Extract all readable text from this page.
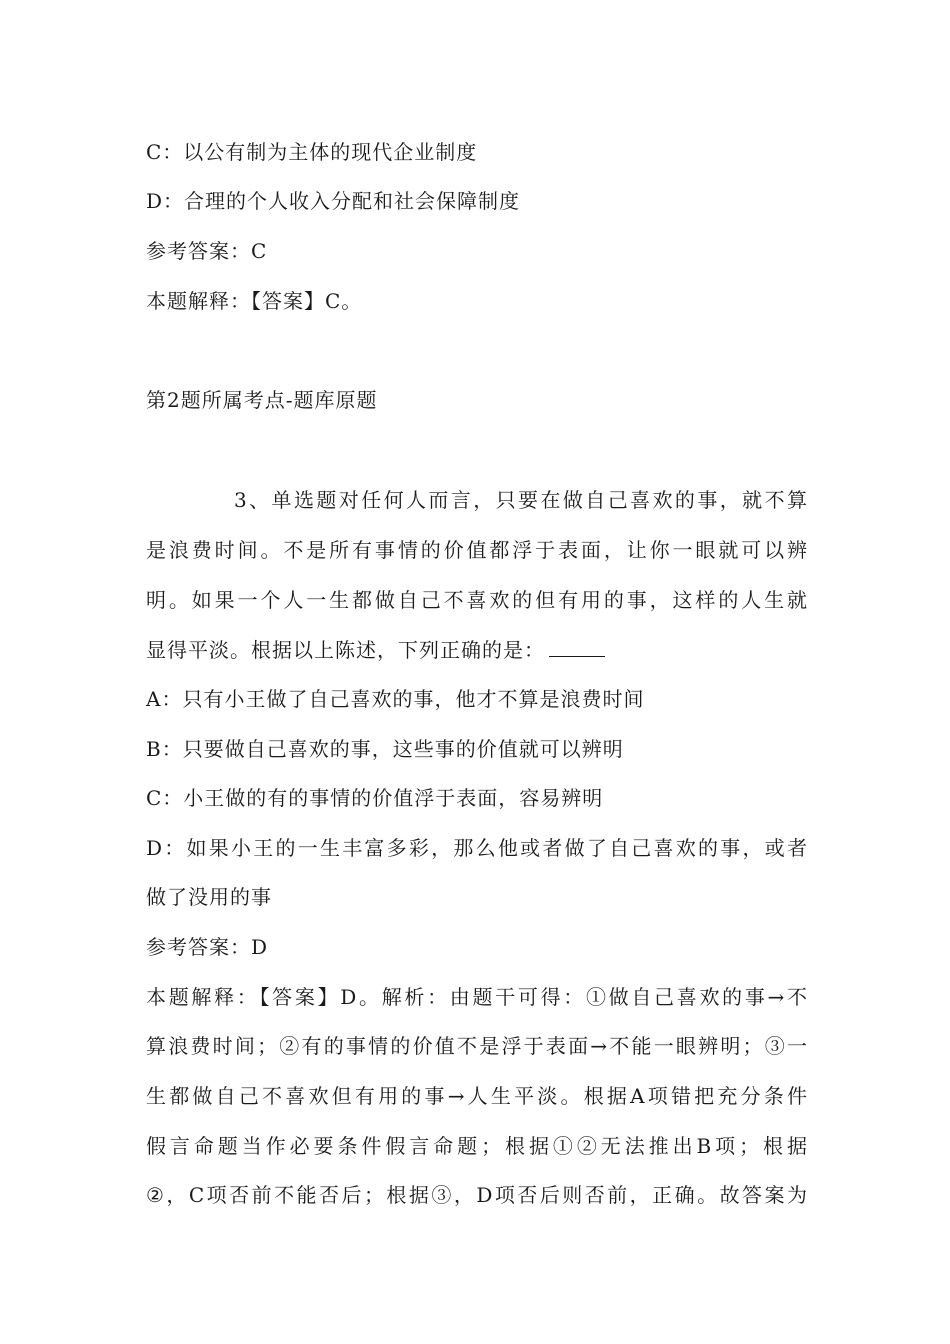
C：以公有制为主体的现代企业制度
D：合理的个人收入分配和社会保障制度
参考答案：C
本题解释：【答案】C。
第2题所属考点-题库原题
3、单选题对任何人而言，只要在做自己喜欢的事，就不算
是浪费时间。不是所有事情的价值都浮于表面，让你一眼就可以辨
明。如果一个人一生都做自己不喜欢的但有用的事，这样的人生就
显得平淡。根据以上陈述，下列正确的是：
A：只有小王做了自己喜欢的事，他才不算是浪费时间
B：只要做自己喜欢的事，这些事的价值就可以辨明
C：小王做的有的事情的价值浮于表面，容易辨明
D：如果小王的一生丰富多彩，那么他或者做了自己喜欢的事，或者
做了没用的事
参考答案：D
本题解释：【答案】D。解析：由题干可得：①做自己喜欢的事→不
算浪费时间；②有的事情的价值不是浮于表面→不能一眼辨明；③一
生都做自己不喜欢但有用的事→人生平淡。根据A项错把充分条件
假言命题当作必要条件假言命题；根据①②无法推出B项；根据
②，C项否前不能否后；根据③，D项否后则否前，正确。故答案为
